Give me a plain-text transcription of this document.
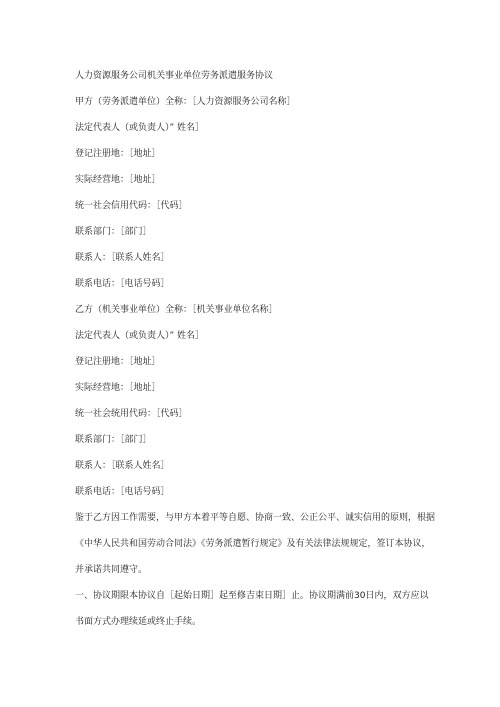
人力资源服务公司机关事业单位劳务派遣服务协议
甲方（劳务派遣单位）全称：［人力资源服务公司名称］
法定代表人（或负责人）” 姓名］
登记注册地：［地址］
实际经营地：［地址］
统一社会信用代码：［代码］
联系部门：［部门］
联系人：［联系人姓名］
联系电话：［电话号码］
乙方（机关事业单位）全称：［机关事业单位名称］
法定代表人（或负责人）” 姓名］
登记注册地：［地址］
实际经营地：［地址］
统一社会统用代码：［代码］
联系部门：［部门］
联系人：［联系人姓名］
联系电话：［电话号码］
鉴于乙方因工作需要，与甲方本着平等自愿、协商一致、公正公平、诚实信用的原则，根据《中华人民共和国劳动合同法》《劳务派遣暂行规定》及有关法律法规规定，签订本协议，并承诺共同遵守。
一、协议期限本协议自［起始日期］起至修吉束日期］止。协议期满前30日内，双方应以书面方式办理续延或终止手续。
